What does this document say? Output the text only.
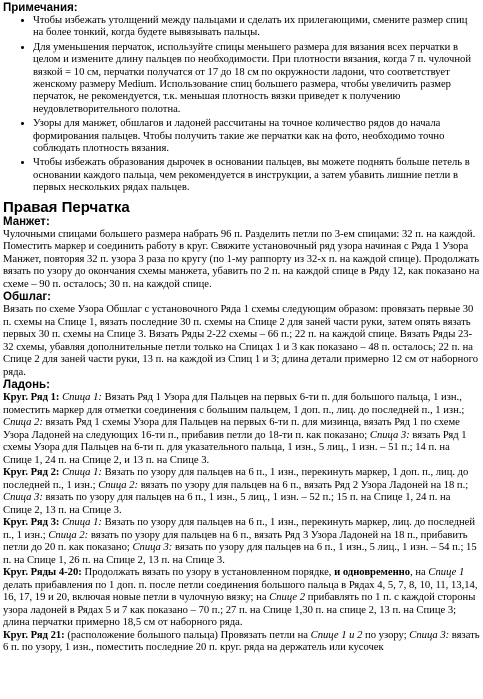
Примечания:
• Чтобы избежать утолщений между пальцами и сделать их прилегающими, смените размер спиц на более тонкий, когда будете вывязывать пальцы.
• Для уменьшения перчаток, используйте спицы меньшего размера для вязания всех перчатки в целом и измените длину пальцев по необходимости. При плотности вязания, когда 7 п. чулочной вязкой = 10 см, перчатки получатся от 17 до 18 см по окружности ладони, что соответствует женскому размеру Medium. Использование спиц большего размера, чтобы увеличить размер перчаток, не рекомендуется, т.к. меньшая плотность вязки приведет к получению неудовлетворительного полотна.
• Узоры для манжет, обшлагов и ладоней рассчитаны на точное количество рядов до начала формирования пальцев. Чтобы получить такие же перчатки как на фото, необходимо точно соблюдать плотность вязания.
• Чтобы избежать образования дырочек в основании пальцев, вы можете поднять больше петель в основании каждого пальца, чем рекомендуется в инструкции, а затем убавить лишние петли в первых нескольких рядах пальцев.
Правая Перчатка
Манжет:

Чулочными спицами большего размера набрать 96 п. Разделить петли по 3-ем спицами: 32 п. на каждой. Поместить маркер и соединить работу в круг. Свяжите установочный ряд узора начиная с Ряда 1 Узора Манжет, повторяя 32 п. узора 3 раза по кругу (по 1-му раппорту из 32-х п. на каждой спице). Продолжать вязать по узору до окончания схемы манжета, убавить по 2 п. на каждой спице в Ряду 12, как показано на схеме – 90 п. осталось; 30 п. на каждой спице.

Обшлаг:

Вязать по схеме Узора Обшлаг с установочного Ряда 1 схемы следующим образом: провязать первые 30 п. схемы на Спице 1, вязать последние 30 п. схемы на Спице 2 для заней части руки, затем опять вязать первых 30 п. схемы на Спице 3. Вязать Ряды 2-22 схемы – 66 п.; 22 п. на каждой спице. Вязать Ряды 23-32 схемы, убавляя дополнительные петли только на Спицах 1 и 3 как показано – 48 п. осталось; 22 п. на Спице 2 для заней части руки, 13 п. на каждой из Спиц 1 и 3; длина детали примерно 12 см от наборного ряда.

Ладонь:

Круг. Ряд 1: Спица 1: Вязать Ряд 1 Узора для Пальцев на первых 6-ти п. для большого пальца, 1 изн., поместить маркер для отметки соединения с большим пальцем, 1 доп. п., лиц. до последней п., 1 изн.; Спица 2: вязать Ряд 1 схемы Узора для Пальцев на первых 6-ти п. для мизинца, вязать Ряд 1 по схеме Узора Ладоней на следующих 16-ти п., прибавив петли до 18-ти п. как показано; Спица 3: вязать Ряд 1 схемы Узора для Пальцев на 6-ти п. для указательного пальца, 1 изн., 5 лиц., 1 изн. – 51 п.; 14 п. на Спице 1, 24 п. на Спице 2, и 13 п. на Спице 3.

Круг. Ряд 2: Спица 1: Вязать по узору для пальцев на 6 п., 1 изн., перекинуть маркер, 1 доп. п., лиц. до последней п., 1 изн.; Спица 2: вязать по узору для пальцев на 6 п., вязать Ряд 2 Узора Ладоней на 18 п.; Спица 3: вязать по узору для пальцев на 6 п., 1 изн., 5 лиц., 1 изн. – 52 п.; 15 п. на Спице 1, 24 п. на Спице 2, 13 п. на Спице 3.

Круг. Ряд 3: Спица 1: Вязать по узору для пальцев на 6 п., 1 изн., перекинуть маркер, лиц. до последней п., 1 изн.; Спица 2: вязать по узору для пальцев на 6 п., вязать Ряд 3 Узора Ладоней на 18 п., прибавить петли до 20 п. как показано; Спица 3: вязать по узору для пальцев на 6 п., 1 изн., 5 лиц., 1 изн. – 54 п.; 15 п. на Спице 1, 26 п. на Спице 2, 13 п. на Спице 3.

Круг. Ряды 4-20: Продолжать вязать по узору в установленном порядке, и одновременно, на Спице 1 делать прибавления по 1 доп. п. после петли соединения большого пальца в Рядах 4, 5, 7, 8, 10, 11, 13,14, 16, 17, 19 и 20, включая новые петли в чулочную вязку; на Спице 2 прибавлять по 1 п. с каждой стороны узора ладоней в Рядах 5 и 7 как показано – 70 п.; 27 п. на Спице 1,30 п. на спице 2, 13 п. на Спице 3; длина перчатки примерно 18,5 см от наборного ряда.

Круг. Ряд 21: (расположение большого пальца) Провязать петли на Спице 1 и 2 по узору; Спица 3: вязать 6 п. по узору, 1 изн., поместить последние 20 п. круг. ряда на держатель или кусочек
